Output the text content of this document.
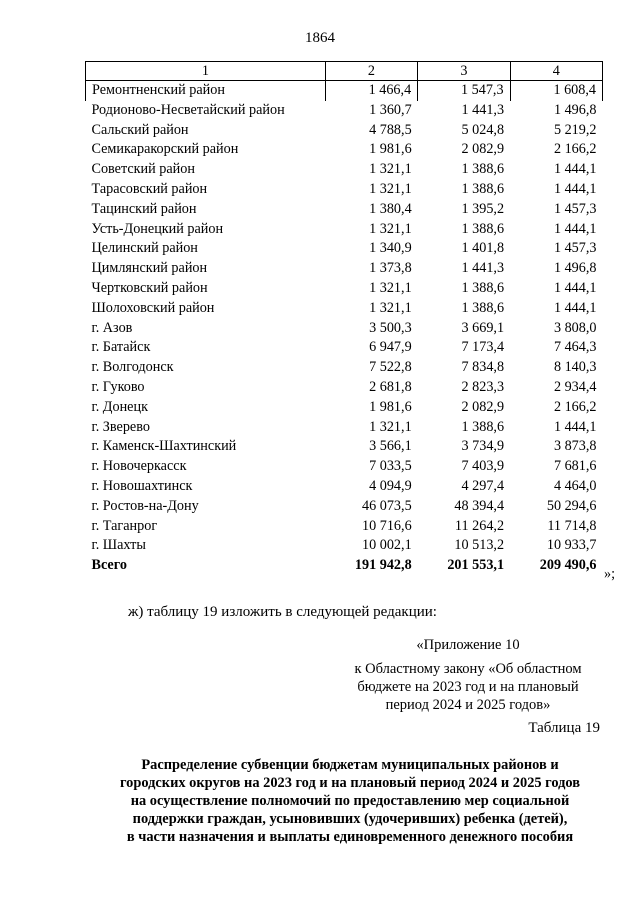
1864
1	2	3	4
Ремонтненский район	1 466,4	1 547,3	1 608,4
Родионово-Несветайский район	1 360,7	1 441,3	1 496,8
Сальский район	4 788,5	5 024,8	5 219,2
Семикаракорский район	1 981,6	2 082,9	2 166,2
Советский район	1 321,1	1 388,6	1 444,1
Тарасовский район	1 321,1	1 388,6	1 444,1
Тацинский район	1 380,4	1 395,2	1 457,3
Усть-Донецкий район	1 321,1	1 388,6	1 444,1
Целинский район	1 340,9	1 401,8	1 457,3
Цимлянский район	1 373,8	1 441,3	1 496,8
Чертковский район	1 321,1	1 388,6	1 444,1
Шолоховский район	1 321,1	1 388,6	1 444,1
г. Азов	3 500,3	3 669,1	3 808,0
г. Батайск	6 947,9	7 173,4	7 464,3
г. Волгодонск	7 522,8	7 834,8	8 140,3
г. Гуково	2 681,8	2 823,3	2 934,4
г. Донецк	1 981,6	2 082,9	2 166,2
г. Зверево	1 321,1	1 388,6	1 444,1
г. Каменск-Шахтинский	3 566,1	3 734,9	3 873,8
г. Новочеркасск	7 033,5	7 403,9	7 681,6
г. Новошахтинск	4 094,9	4 297,4	4 464,0
г. Ростов-на-Дону	46 073,5	48 394,4	50 294,6
г. Таганрог	10 716,6	11 264,2	11 714,8
г. Шахты	10 002,1	10 513,2	10 933,7
Всего	191 942,8	201 553,1	209 490,6
»;
ж) таблицу 19 изложить в следующей редакции:
«Приложение 10
к Областному закону «Об областном
бюджете на 2023 год и на плановый
период 2024 и 2025 годов»
Таблица 19
Распределение субвенции бюджетам муниципальных районов и
городских округов на 2023 год и на плановый период 2024 и 2025 годов
на осуществление полномочий по предоставлению мер социальной
поддержки граждан, усыновивших (удочеривших) ребенка (детей),
в части назначения и выплаты единовременного денежного пособия
